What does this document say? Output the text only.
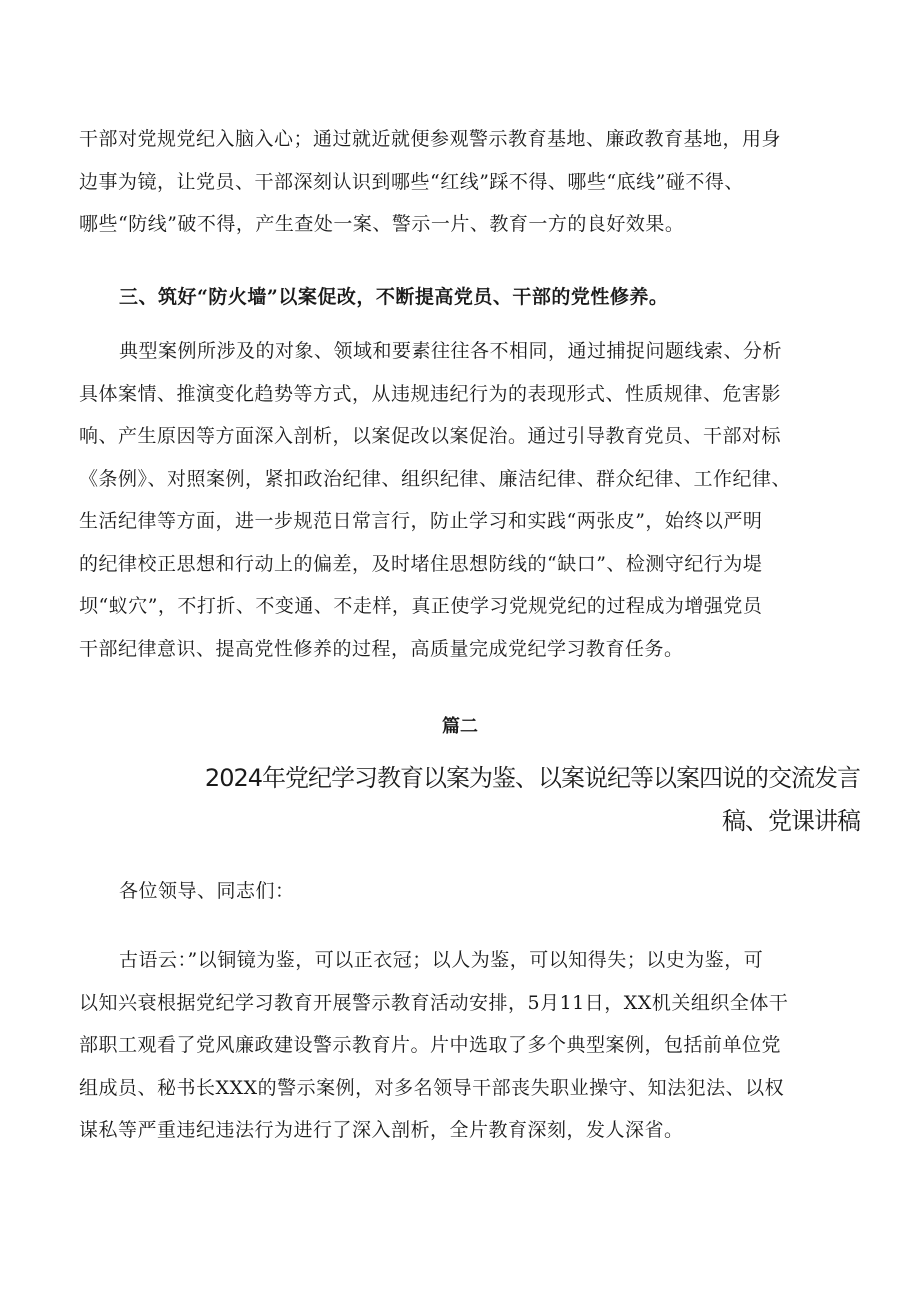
干部对党规党纪入脑入心；通过就近就便参观警示教育基地、廉政教育基地，用身
边事为镜，让党员、干部深刻认识到哪些“红线”踩不得、哪些“底线”碰不得、
哪些“防线”破不得，产生查处一案、警示一片、教育一方的良好效果。

三、筑好“防火墙”以案促改，不断提高党员、干部的党性修养。

典型案例所涉及的对象、领域和要素往往各不相同，通过捕捉问题线索、分析
具体案情、推演变化趋势等方式，从违规违纪行为的表现形式、性质规律、危害影
响、产生原因等方面深入剖析，以案促改以案促治。通过引导教育党员、干部对标
《条例》、对照案例，紧扣政治纪律、组织纪律、廉洁纪律、群众纪律、工作纪律、
生活纪律等方面，进一步规范日常言行，防止学习和实践“两张皮”，始终以严明
的纪律校正思想和行动上的偏差，及时堵住思想防线的“缺口”、检测守纪行为堤
坝“蚁穴”，不打折、不变通、不走样，真正使学习党规党纪的过程成为增强党员
干部纪律意识、提高党性修养的过程，高质量完成党纪学习教育任务。

篇二
2024年党纪学习教育以案为鉴、以案说纪等以案四说的交流发言
稿、党课讲稿

各位领导、同志们：

古语云：”以铜镜为鉴，可以正衣冠；以人为鉴，可以知得失；以史为鉴，可
以知兴衰根据党纪学习教育开展警示教育活动安排，5月11日，XX机关组织全体干
部职工观看了党风廉政建设警示教育片。片中选取了多个典型案例，包括前单位党
组成员、秘书长XXX的警示案例，对多名领导干部丧失职业操守、知法犯法、以权
谋私等严重违纪违法行为进行了深入剖析，全片教育深刻，发人深省。
